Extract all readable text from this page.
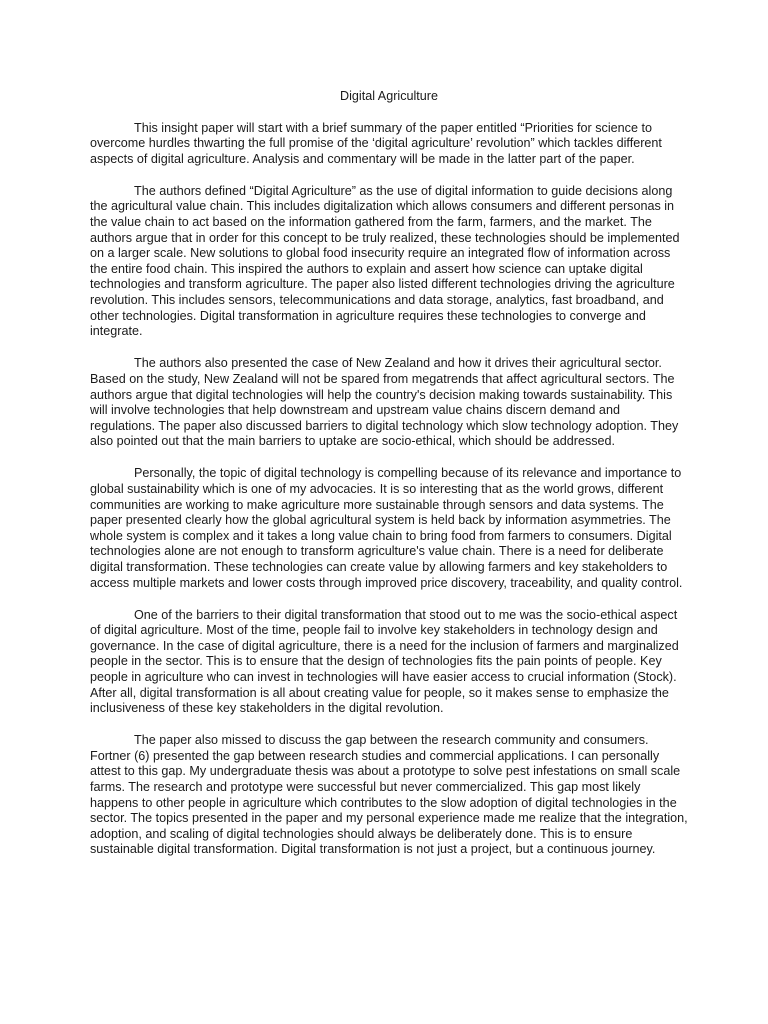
Digital Agriculture

This insight paper will start with a brief summary of the paper entitled “Priorities for science to overcome hurdles thwarting the full promise of the ‘digital agriculture’ revolution” which tackles different aspects of digital agriculture. Analysis and commentary will be made in the latter part of the paper.

The authors defined “Digital Agriculture” as the use of digital information to guide decisions along the agricultural value chain. This includes digitalization which allows consumers and different personas in the value chain to act based on the information gathered from the farm, farmers, and the market. The authors argue that in order for this concept to be truly realized, these technologies should be implemented on a larger scale. New solutions to global food insecurity require an integrated flow of information across the entire food chain. This inspired the authors to explain and assert how science can uptake digital technologies and transform agriculture. The paper also listed different technologies driving the agriculture revolution. This includes sensors, telecommunications and data storage, analytics, fast broadband, and other technologies. Digital transformation in agriculture requires these technologies to converge and integrate.

The authors also presented the case of New Zealand and how it drives their agricultural sector. Based on the study, New Zealand will not be spared from megatrends that affect agricultural sectors. The authors argue that digital technologies will help the country's decision making towards sustainability. This will involve technologies that help downstream and upstream value chains discern demand and regulations. The paper also discussed barriers to digital technology which slow technology adoption. They also pointed out that the main barriers to uptake are socio-ethical, which should be addressed.

Personally, the topic of digital technology is compelling because of its relevance and importance to global sustainability which is one of my advocacies. It is so interesting that as the world grows, different communities are working to make agriculture more sustainable through sensors and data systems. The paper presented clearly how the global agricultural system is held back by information asymmetries. The whole system is complex and it takes a long value chain to bring food from farmers to consumers. Digital technologies alone are not enough to transform agriculture's value chain. There is a need for deliberate digital transformation. These technologies can create value by allowing farmers and key stakeholders to access multiple markets and lower costs through improved price discovery, traceability, and quality control.

One of the barriers to their digital transformation that stood out to me was the socio-ethical aspect of digital agriculture. Most of the time, people fail to involve key stakeholders in technology design and governance. In the case of digital agriculture, there is a need for the inclusion of farmers and marginalized people in the sector. This is to ensure that the design of technologies fits the pain points of people. Key people in agriculture who can invest in technologies will have easier access to crucial information (Stock). After all, digital transformation is all about creating value for people, so it makes sense to emphasize the inclusiveness of these key stakeholders in the digital revolution.

The paper also missed to discuss the gap between the research community and consumers. Fortner (6) presented the gap between research studies and commercial applications. I can personally attest to this gap. My undergraduate thesis was about a prototype to solve pest infestations on small scale farms. The research and prototype were successful but never commercialized. This gap most likely happens to other people in agriculture which contributes to the slow adoption of digital technologies in the sector. The topics presented in the paper and my personal experience made me realize that the integration, adoption, and scaling of digital technologies should always be deliberately done. This is to ensure sustainable digital transformation. Digital transformation is not just a project, but a continuous journey.
